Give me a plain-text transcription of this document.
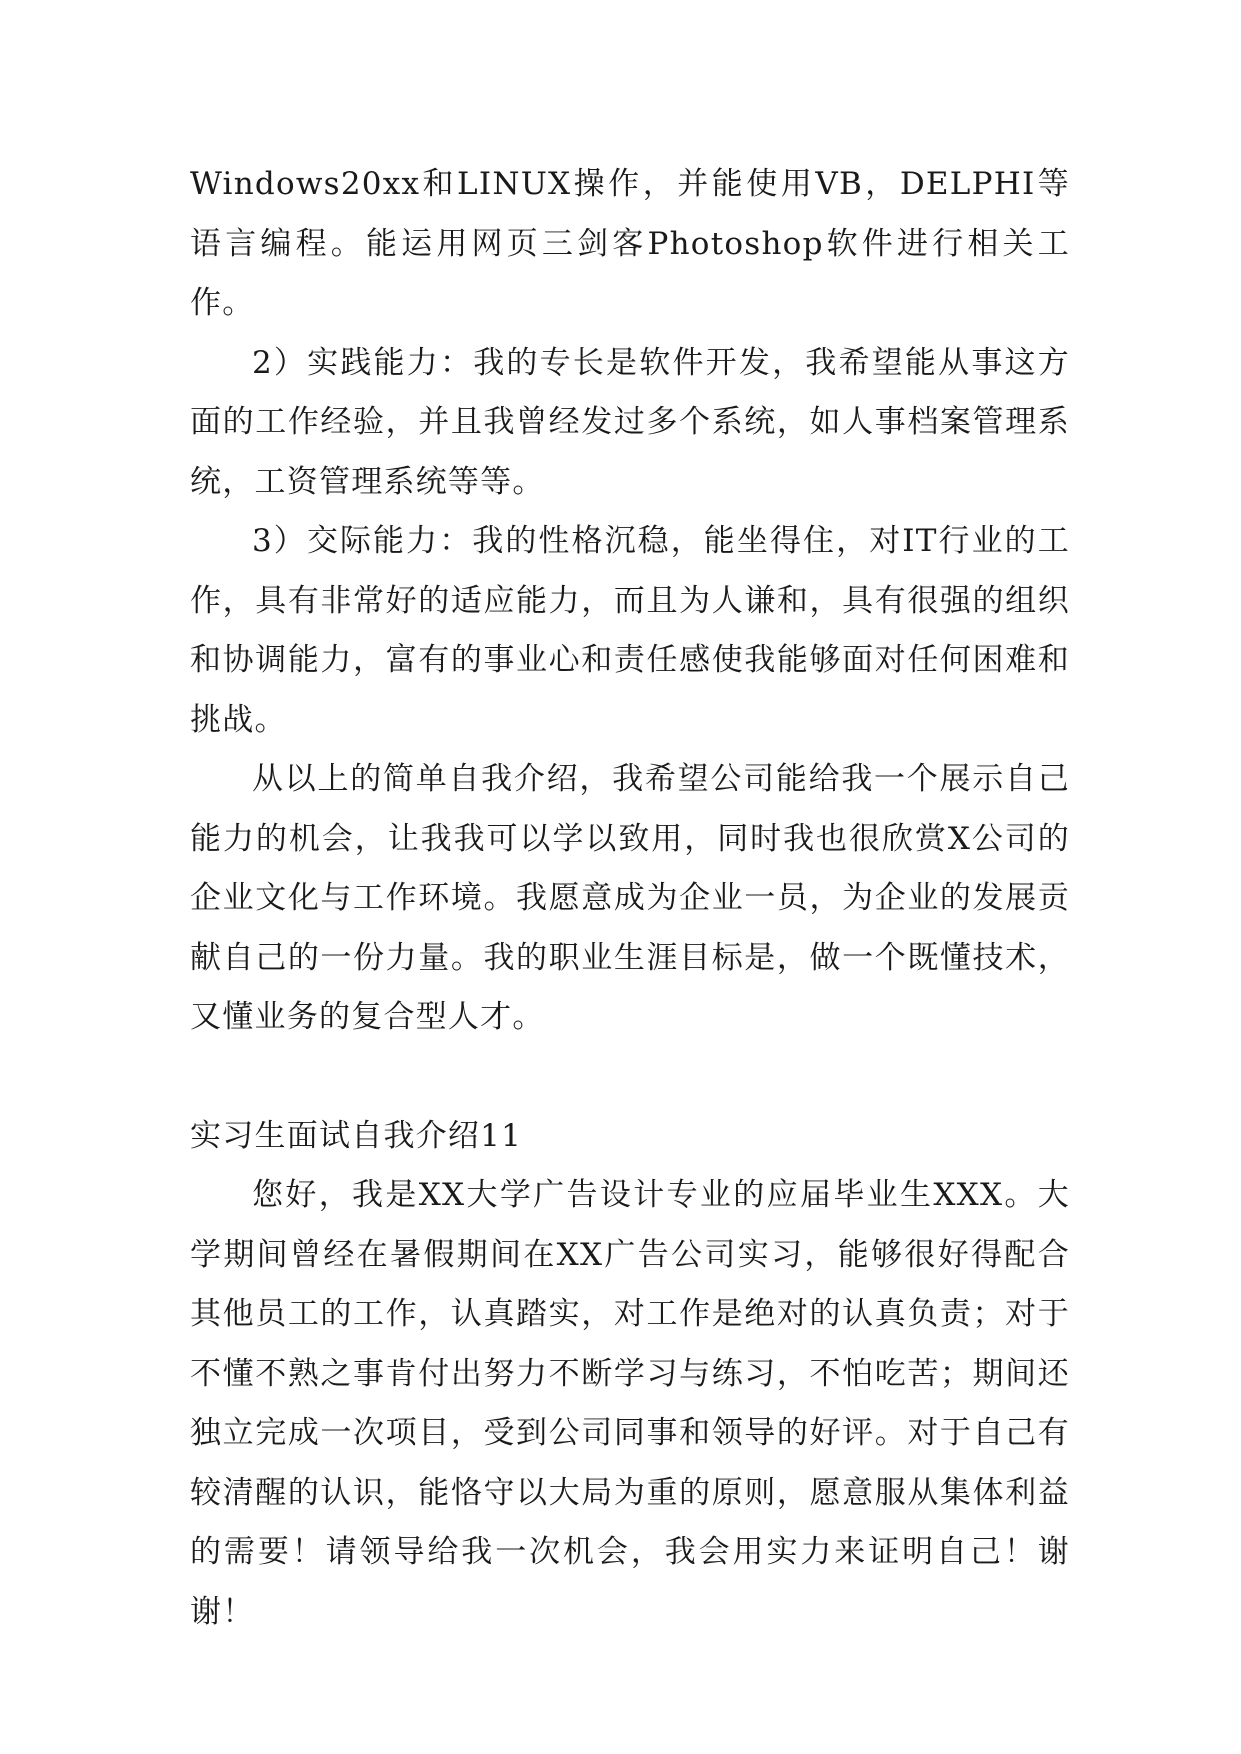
Windows20xx和LINUX操作，并能使用VB，DELPHI等语言编程。能运用网页三剑客Photoshop软件进行相关工作。

2）实践能力：我的专长是软件开发，我希望能从事这方面的工作经验，并且我曾经发过多个系统，如人事档案管理系统，工资管理系统等等。

3）交际能力：我的性格沉稳，能坐得住，对IT行业的工作，具有非常好的适应能力，而且为人谦和，具有很强的组织和协调能力，富有的事业心和责任感使我能够面对任何困难和挑战。

从以上的简单自我介绍，我希望公司能给我一个展示自己能力的机会，让我我可以学以致用，同时我也很欣赏X公司的企业文化与工作环境。我愿意成为企业一员，为企业的发展贡献自己的一份力量。我的职业生涯目标是，做一个既懂技术，又懂业务的复合型人才。

实习生面试自我介绍11

您好，我是XX大学广告设计专业的应届毕业生XXX。大学期间曾经在暑假期间在XX广告公司实习，能够很好得配合其他员工的工作，认真踏实，对工作是绝对的认真负责；对于不懂不熟之事肯付出努力不断学习与练习，不怕吃苦；期间还独立完成一次项目，受到公司同事和领导的好评。对于自己有较清醒的认识，能恪守以大局为重的原则，愿意服从集体利益的需要！请领导给我一次机会，我会用实力来证明自己！谢谢！
